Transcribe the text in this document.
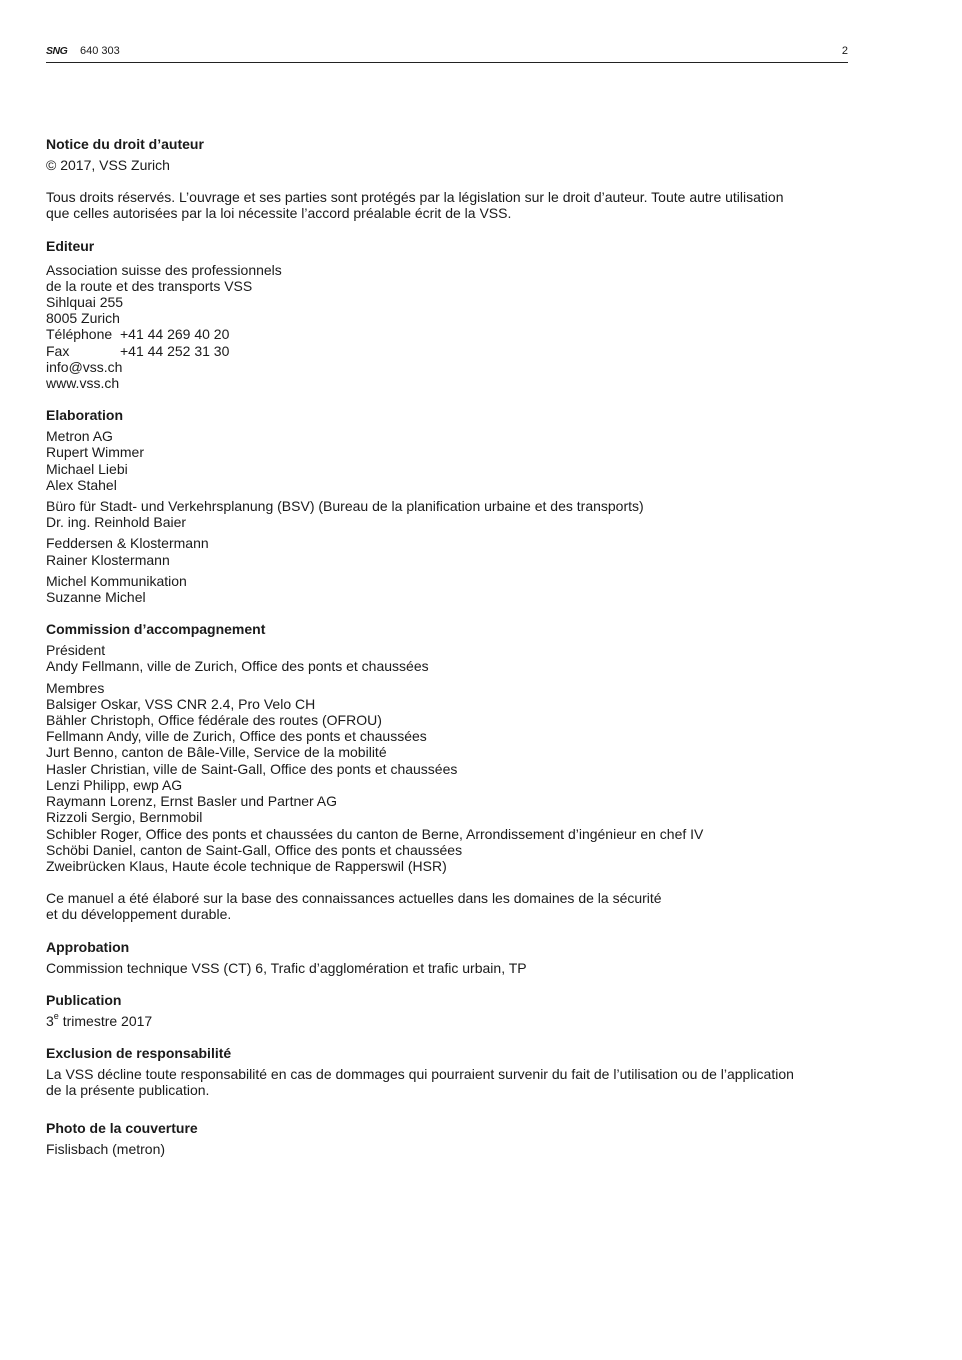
SNG 640 303	2

Notice du droit d’auteur

© 2017, VSS Zurich
Tous droits réservés. L’ouvrage et ses parties sont protégés par la législation sur le droit d’auteur. Toute autre utilisation
que celles autorisées par la loi nécessite l’accord préalable écrit de la VSS.

Editeur

Association suisse des professionnels
de la route et des transports VSS
Sihlquai 255
8005 Zurich
Téléphone +41 44 269 40 20
Fax	+41 44 252 31 30
info@vss.ch
www.vss.ch

Elaboration

Metron AG
Rupert Wimmer
Michael Liebi
Alex Stahel
Büro für Stadt- und Verkehrsplanung (BSV) (Bureau de la planification urbaine et des transports)
Dr. ing. Reinhold Baier
Feddersen & Klostermann
Rainer Klostermann
Michel Kommunikation
Suzanne Michel

Commission d’accompagnement

Président
Andy Fellmann, ville de Zurich, Office des ponts et chaussées
Membres
Balsiger Oskar, VSS CNR 2.4, Pro Velo CH
Bähler Christoph, Office fédérale des routes (OFROU)
Fellmann Andy, ville de Zurich, Office des ponts et chaussées
Jurt Benno, canton de Bâle-Ville, Service de la mobilité
Hasler Christian, ville de Saint-Gall, Office des ponts et chaussées
Lenzi Philipp, ewp AG
Raymann Lorenz, Ernst Basler und Partner AG
Rizzoli Sergio, Bernmobil
Schibler Roger, Office des ponts et chaussées du canton de Berne, Arrondissement d’ingénieur en chef IV
Schöbi Daniel, canton de Saint-Gall, Office des ponts et chaussées
Zweibrücken Klaus, Haute école technique de Rapperswil (HSR)
Ce manuel a été élaboré sur la base des connaissances actuelles dans les domaines de la sécurité
et du développement durable.

Approbation

Commission technique VSS (CT) 6, Trafic d’agglomération et trafic urbain, TP

Publication

3e trimestre 2017

Exclusion de responsabilité

La VSS décline toute responsabilité en cas de dommages qui pourraient survenir du fait de l’utilisation ou de l’application
de la présente publication.

Photo de la couverture

Fislisbach (metron)
